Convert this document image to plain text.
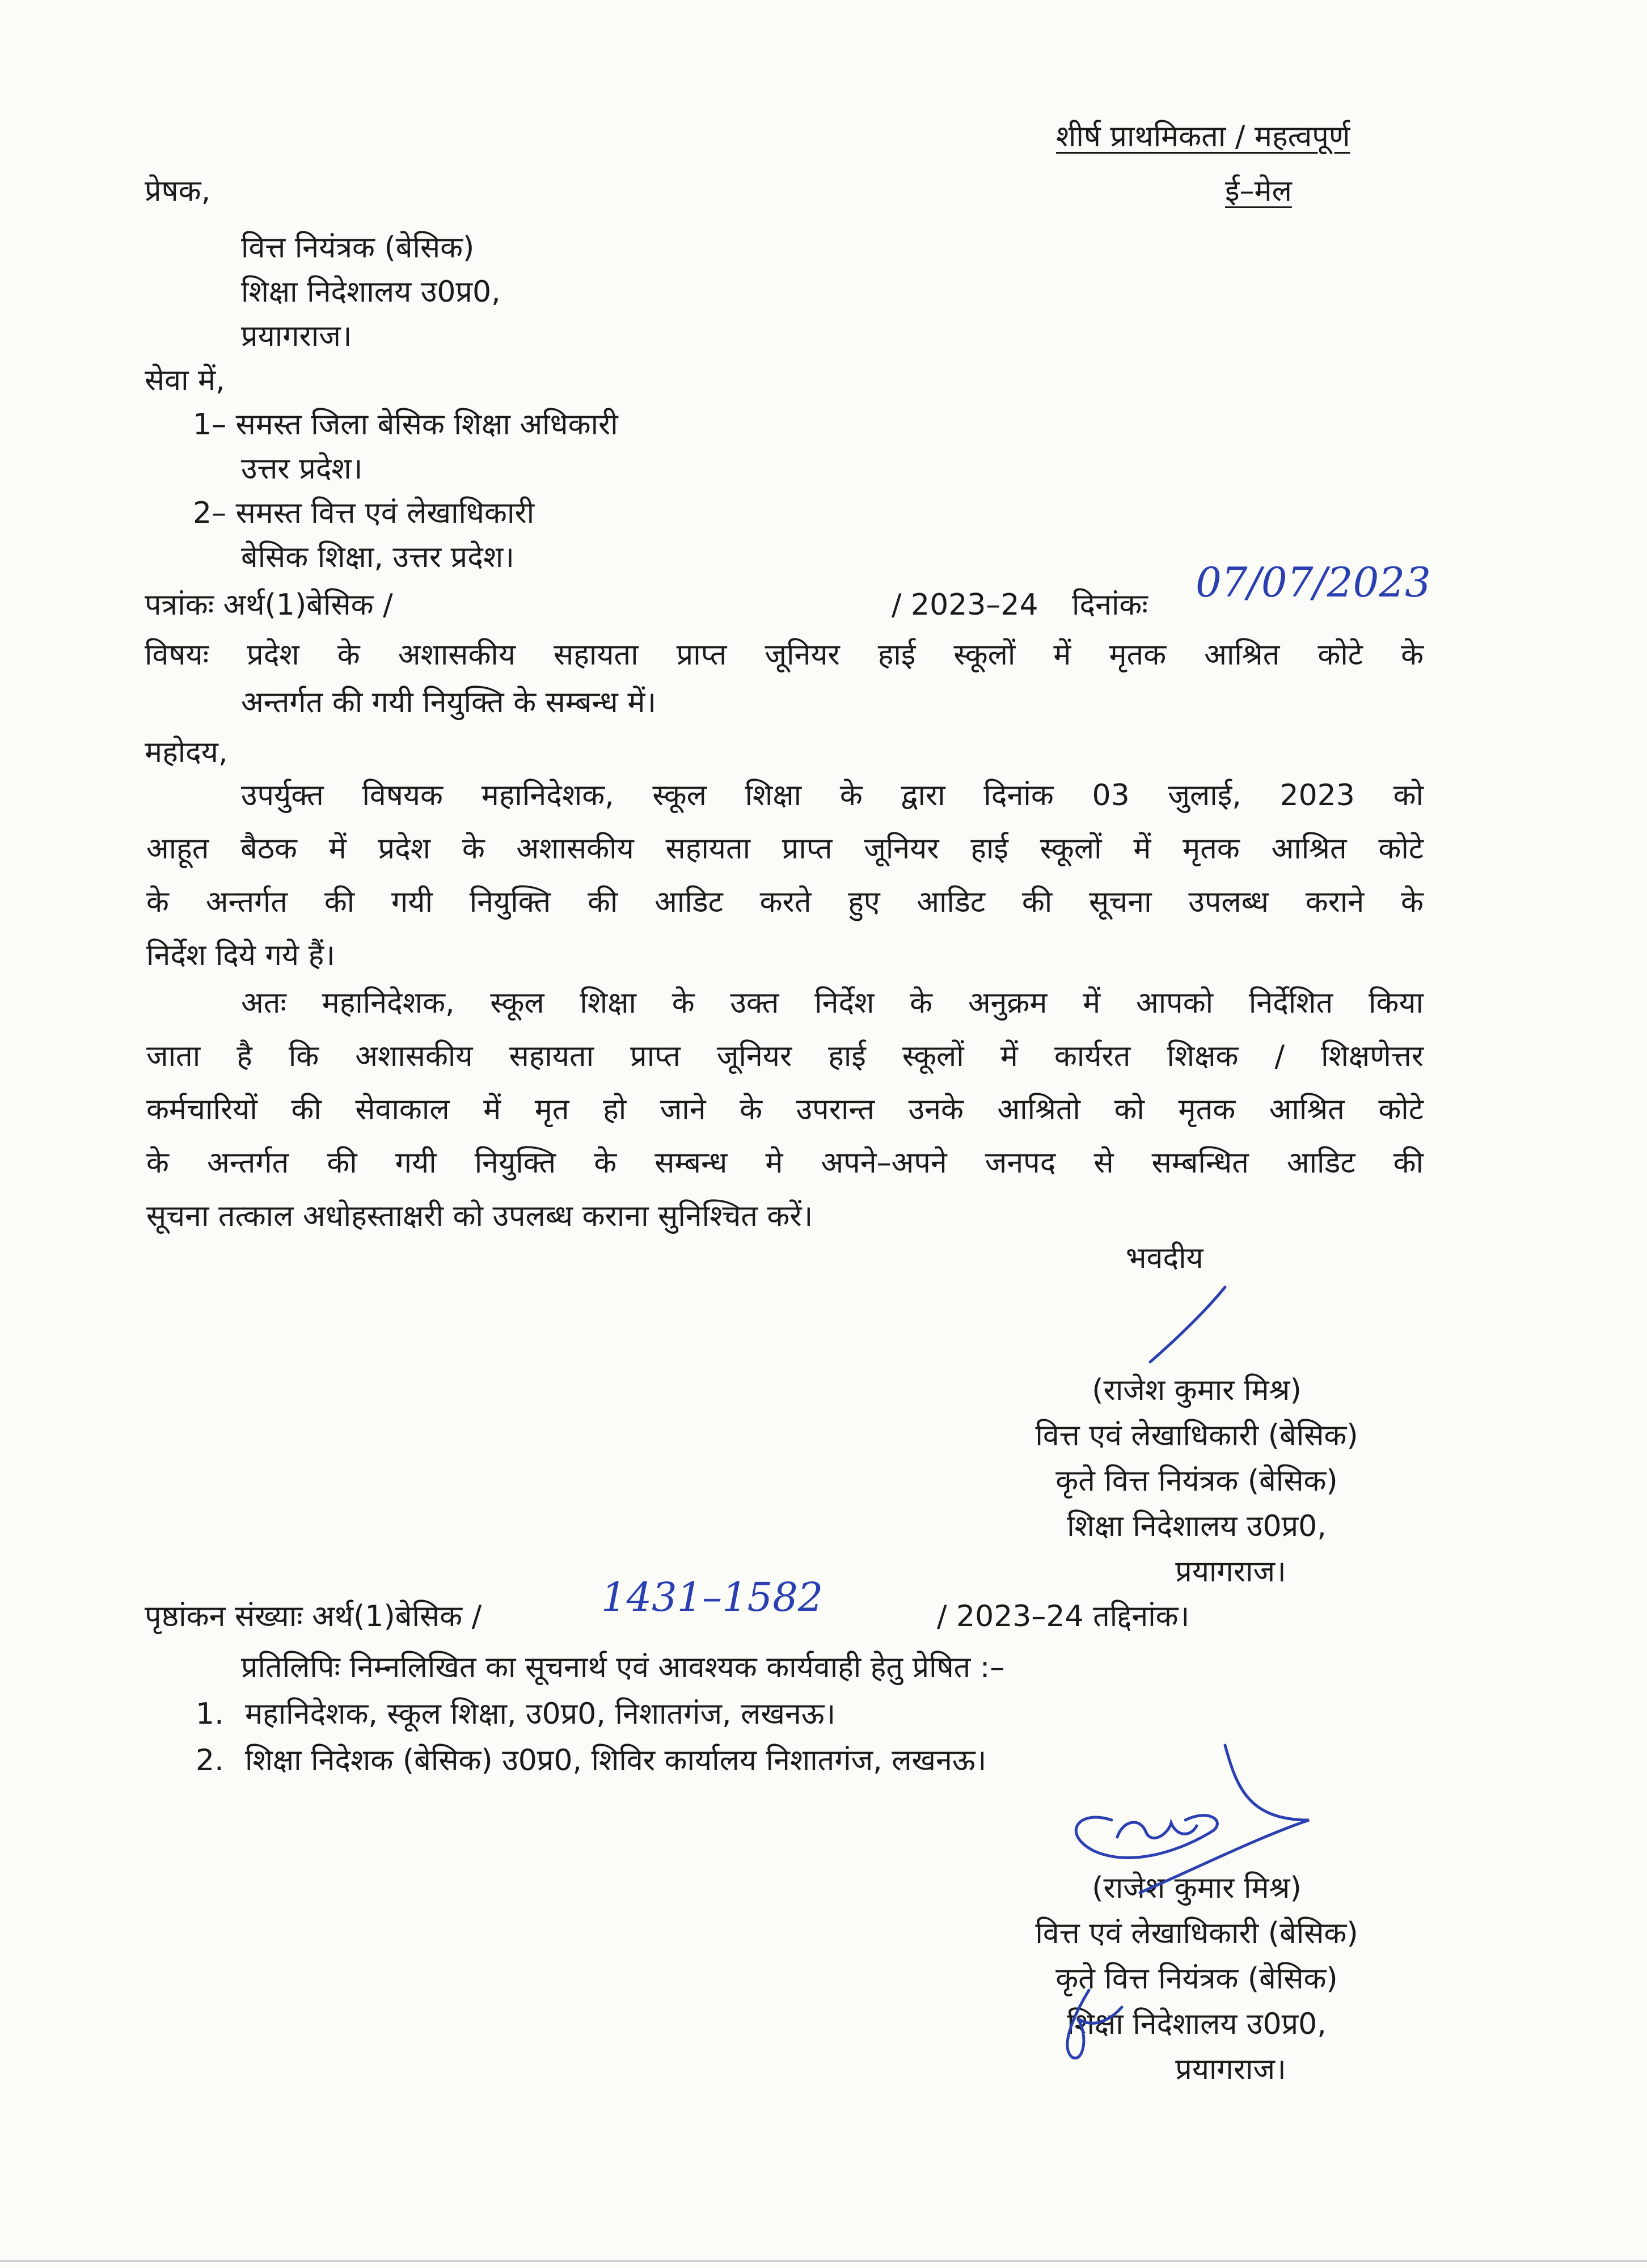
शीर्ष प्राथमिकता / महत्वपूर्ण
ई–मेल
प्रेषक,
वित्त नियंत्रक (बेसिक)
शिक्षा निदेशालय उ0प्र0,
प्रयागराज।
सेवा में,
1– समस्त जिला बेसिक शिक्षा अधिकारी
उत्तर प्रदेश।
2– समस्त वित्त एवं लेखाधिकारी
बेसिक शिक्षा, उत्तर प्रदेश।
पत्रांकः अर्थ(1)बेसिक /	/ 2023–24 दिनांकः 07/07/2023
विषयः प्रदेश के अशासकीय सहायता प्राप्त जूनियर हाई स्कूलों में मृतक आश्रित कोटे के
अन्तर्गत की गयी नियुक्ति के सम्बन्ध में।
महोदय,
उपर्युक्त विषयक महानिदेशक, स्कूल शिक्षा के द्वारा दिनांक 03 जुलाई, 2023 को
आहूत बैठक में प्रदेश के अशासकीय सहायता प्राप्त जूनियर हाई स्कूलों में मृतक आश्रित कोटे
के अन्तर्गत की गयी नियुक्ति की आडिट करते हुए आडिट की सूचना उपलब्ध कराने के
निर्देश दिये गये हैं।
अतः महानिदेशक, स्कूल शिक्षा के उक्त निर्देश के अनुक्रम में आपको निर्देशित किया
जाता है कि अशासकीय सहायता प्राप्त जूनियर हाई स्कूलों में कार्यरत शिक्षक / शिक्षणेत्तर
कर्मचारियों की सेवाकाल में मृत हो जाने के उपरान्त उनके आश्रितो को मृतक आश्रित कोटे
के अन्तर्गत की गयी नियुक्ति के सम्बन्ध मे अपने–अपने जनपद से सम्बन्धित आडिट की
सूचना तत्काल अधोहस्ताक्षरी को उपलब्ध कराना सुनिश्चित करें।
भवदीय
(राजेश कुमार मिश्र)
वित्त एवं लेखाधिकारी (बेसिक)
कृते वित्त नियंत्रक (बेसिक)
शिक्षा निदेशालय उ0प्र0,
प्रयागराज।
पृष्ठांकन संख्याः अर्थ(1)बेसिक /	1431–1582	/ 2023–24 तद्दिनांक।
प्रतिलिपिः निम्नलिखित का सूचनार्थ एवं आवश्यक कार्यवाही हेतु प्रेषित :–
1. महानिदेशक, स्कूल शिक्षा, उ0प्र0, निशातगंज, लखनऊ।
2. शिक्षा निदेशक (बेसिक) उ0प्र0, शिविर कार्यालय निशातगंज, लखनऊ।
(राजेश कुमार मिश्र)
वित्त एवं लेखाधिकारी (बेसिक)
कृते वित्त नियंत्रक (बेसिक)
शिक्षा निदेशालय उ0प्र0,
प्रयागराज।
